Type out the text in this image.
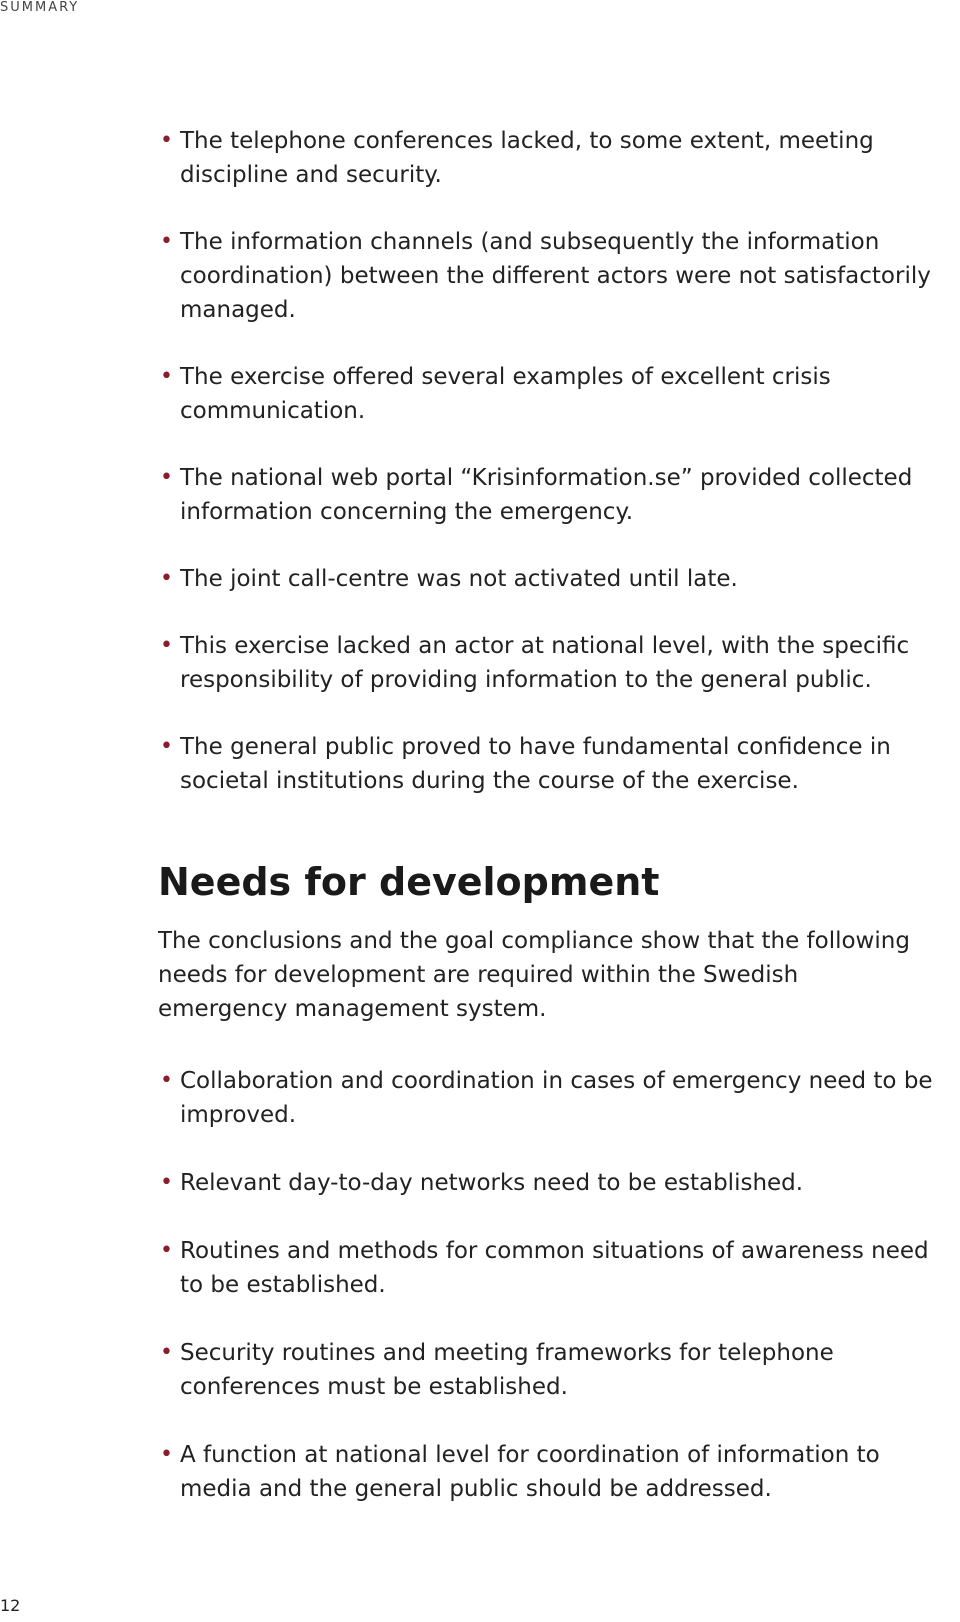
SUMMARY
• The telephone conferences lacked, to some extent, meeting discipline and security.
• The information channels (and subsequently the information coordination) between the different actors were not satisfactorily managed.
• The exercise offered several examples of excellent crisis communication.
• The national web portal “Krisinformation.se” provided collected information concerning the emergency.
• The joint call-centre was not activated until late.
• This exercise lacked an actor at national level, with the specific responsibility of providing information to the general public.
• The general public proved to have fundamental confidence in societal institutions during the course of the exercise.
Needs for development

The conclusions and the goal compliance show that the following needs for development are required within the Swedish emergency management system.

• Collaboration and coordination in cases of emergency need to be improved.
• Relevant day-to-day networks need to be established.
• Routines and methods for common situations of awareness need to be established.
• Security routines and meeting frameworks for telephone conferences must be established.
• A function at national level for coordination of information to media and the general public should be addressed.
12
